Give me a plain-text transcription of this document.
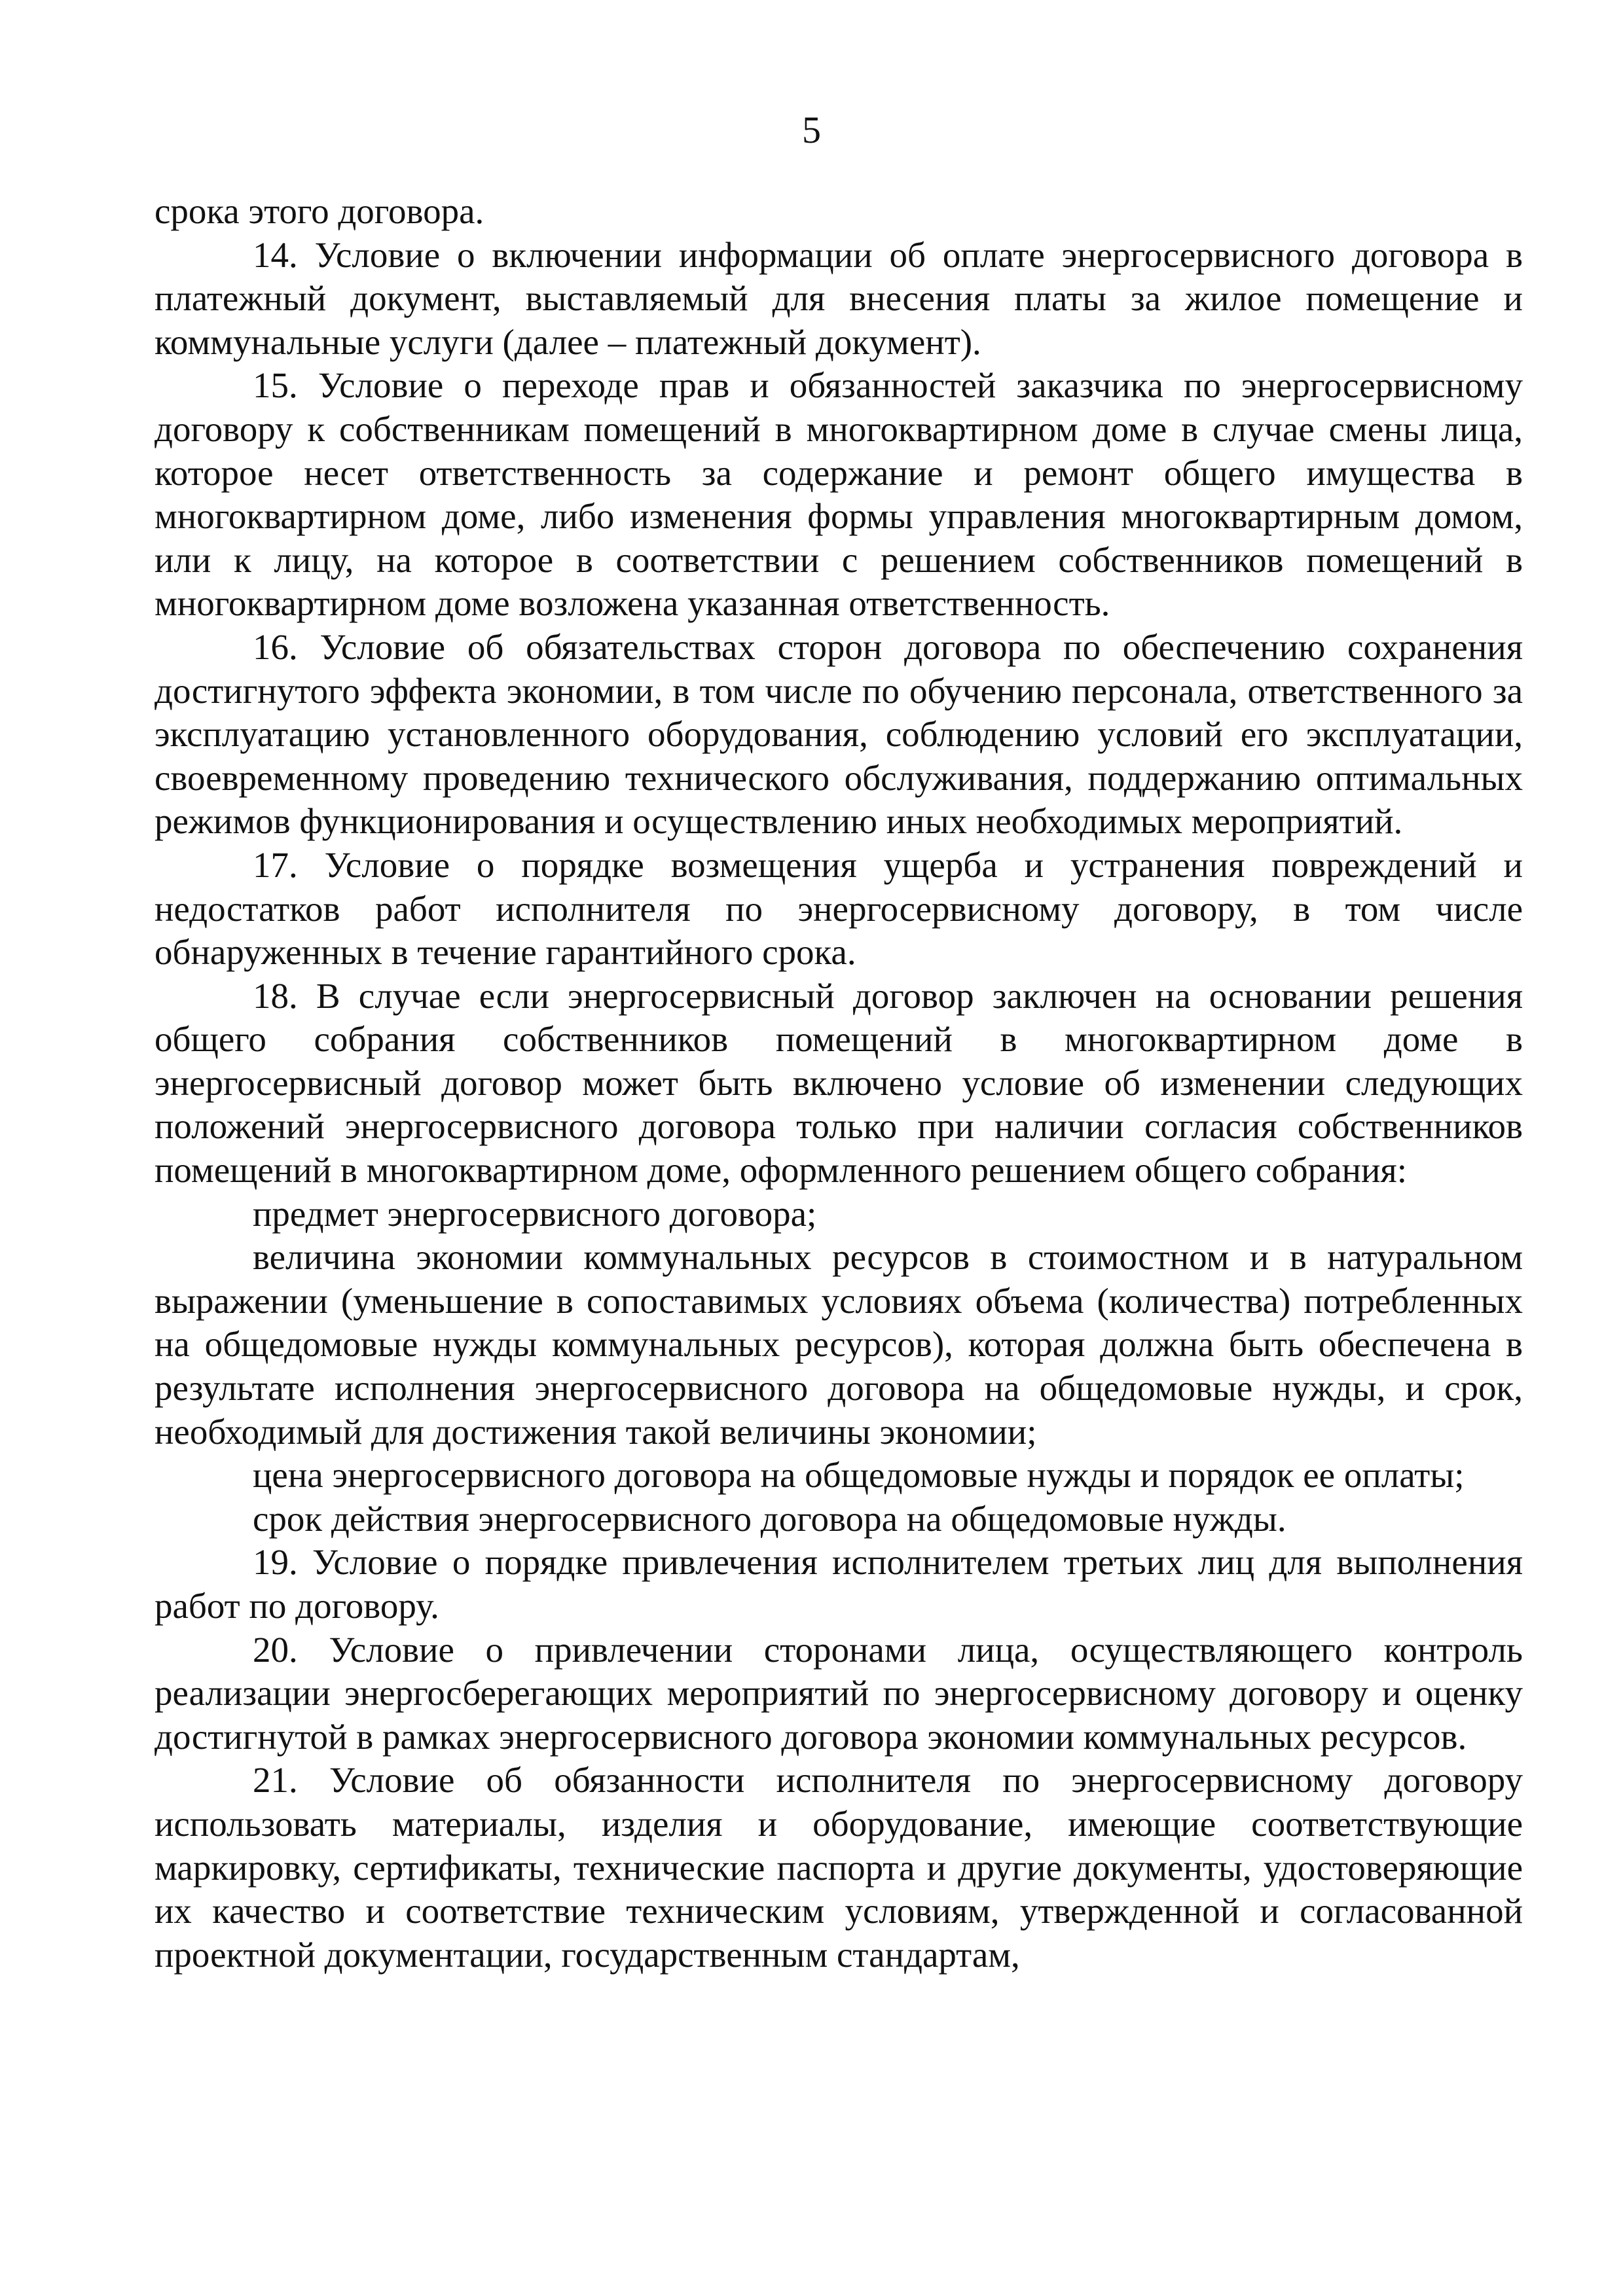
5

срока этого договора.

14. Условие о включении информации об оплате энергосервисного договора в платежный документ, выставляемый для внесения платы за жилое помещение и коммунальные услуги (далее – платежный документ).

15. Условие о переходе прав и обязанностей заказчика по энергосервисному договору к собственникам помещений в многоквартирном доме в случае смены лица, которое несет ответственность за содержание и ремонт общего имущества в многоквартирном доме, либо изменения формы управления многоквартирным домом, или к лицу, на которое в соответствии с решением собственников помещений в многоквартирном доме возложена указанная ответственность.

16. Условие об обязательствах сторон договора по обеспечению сохранения достигнутого эффекта экономии, в том числе по обучению персонала, ответственного за эксплуатацию установленного оборудования, соблюдению условий его эксплуатации, своевременному проведению технического обслуживания, поддержанию оптимальных режимов функционирования и осуществлению иных необходимых мероприятий.

17. Условие о порядке возмещения ущерба и устранения повреждений и недостатков работ исполнителя по энергосервисному договору, в том числе обнаруженных в течение гарантийного срока.

18. В случае если энергосервисный договор заключен на основании решения общего собрания собственников помещений в многоквартирном доме в энергосервисный договор может быть включено условие об изменении следующих положений энергосервисного договора только при наличии согласия собственников помещений в многоквартирном доме, оформленного решением общего собрания:

предмет энергосервисного договора;

величина экономии коммунальных ресурсов в стоимостном и в натуральном выражении (уменьшение в сопоставимых условиях объема (количества) потребленных на общедомовые нужды коммунальных ресурсов), которая должна быть обеспечена в результате исполнения энергосервисного договора на общедомовые нужды, и срок, необходимый для достижения такой величины экономии;

цена энергосервисного договора на общедомовые нужды и порядок ее оплаты;

срок действия энергосервисного договора на общедомовые нужды.

19. Условие о порядке привлечения исполнителем третьих лиц для выполнения работ по договору.

20. Условие о привлечении сторонами лица, осуществляющего контроль реализации энергосберегающих мероприятий по энергосервисному договору и оценку достигнутой в рамках энергосервисного договора экономии коммунальных ресурсов.

21. Условие об обязанности исполнителя по энергосервисному договору использовать материалы, изделия и оборудование, имеющие соответствующие маркировку, сертификаты, технические паспорта и другие документы, удостоверяющие их качество и соответствие техническим условиям, утвержденной и согласованной проектной документации, государственным стандартам,
